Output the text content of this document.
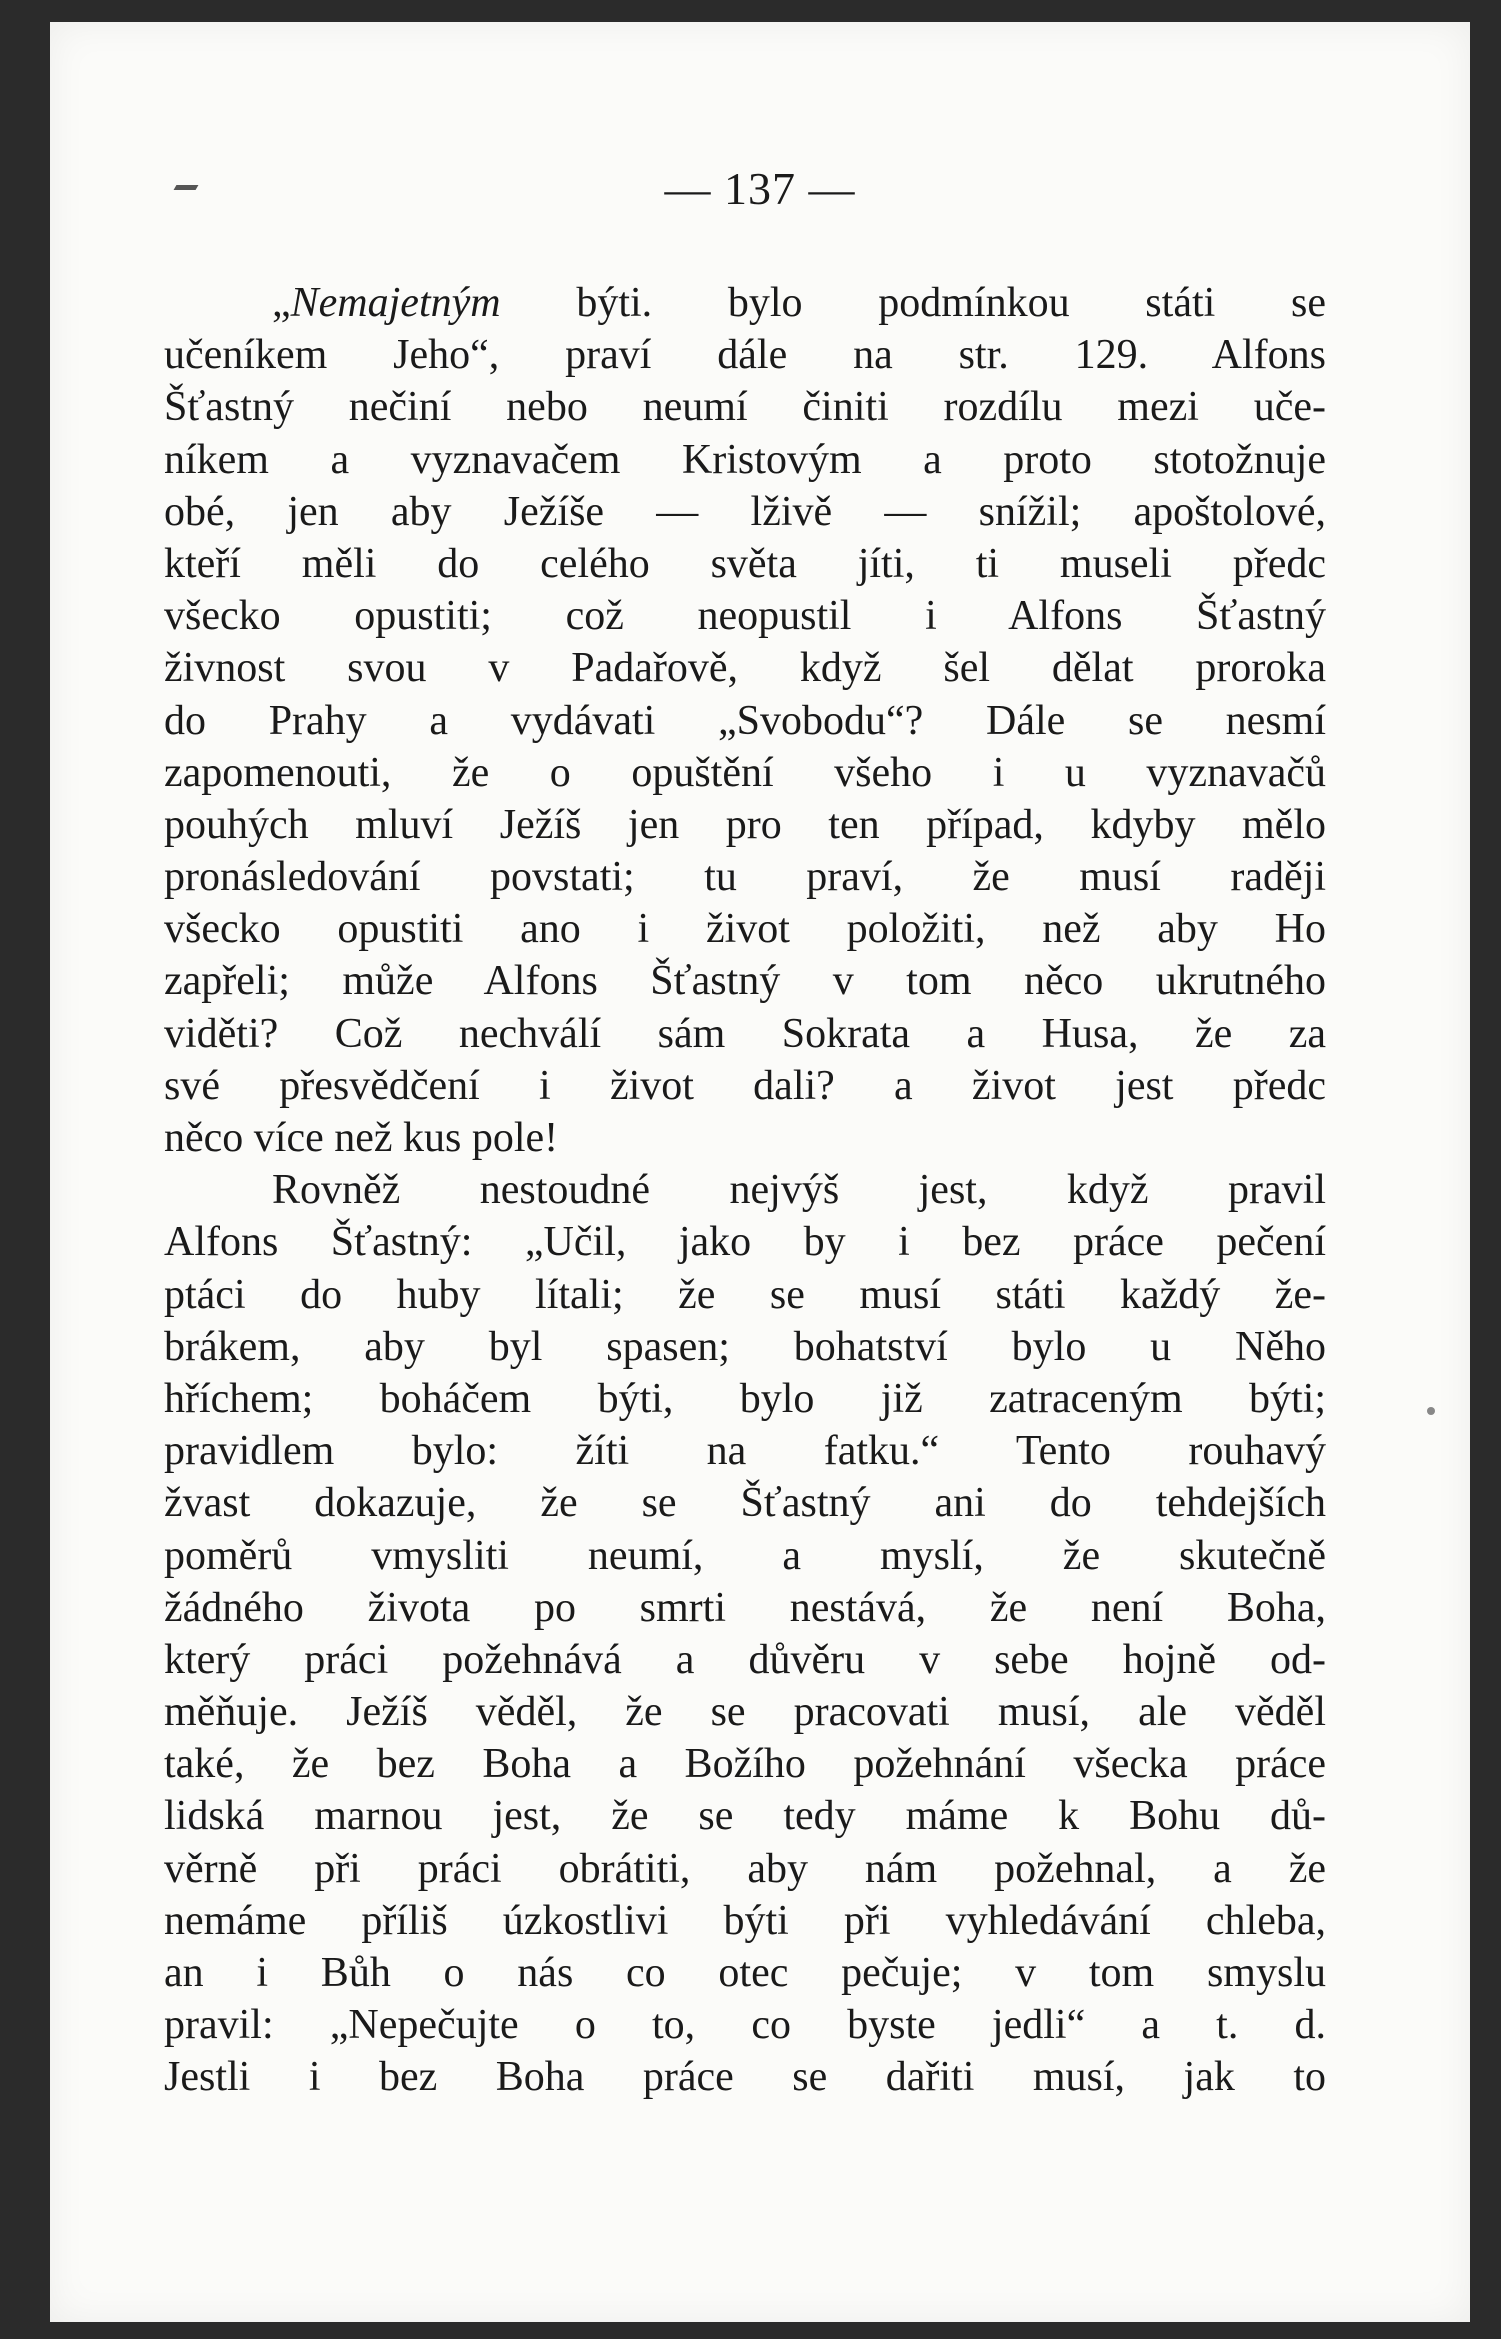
— 137 —
„Nemajetným býti. bylo podmínkou státi se
učeníkem Jeho“, praví dále na str. 129. Alfons
Šťastný nečiní nebo neumí činiti rozdílu mezi uče-
níkem a vyznavačem Kristovým a proto stotožnuje
obé, jen aby Ježíše — lživě — snížil; apoštolové,
kteří měli do celého světa jíti, ti museli předc
všecko opustiti; což neopustil i Alfons Šťastný
živnost svou v Padařově, když šel dělat proroka
do Prahy a vydávati „Svobodu“? Dále se nesmí
zapomenouti, že o opuštění všeho i u vyznavačů
pouhých mluví Ježíš jen pro ten případ, kdyby mělo
pronásledování povstati; tu praví, že musí raději
všecko opustiti ano i život položiti, než aby Ho
zapřeli; může Alfons Šťastný v tom něco ukrutného
viděti? Což nechválí sám Sokrata a Husa, že za
své přesvědčení i život dali? a život jest předc
něco více než kus pole!
Rovněž nestoudné nejvýš jest, když pravil
Alfons Šťastný: „Učil, jako by i bez práce pečení
ptáci do huby lítali; že se musí státi každý že-
brákem, aby byl spasen; bohatství bylo u Něho
hříchem; boháčem býti, bylo již zatraceným býti;
pravidlem bylo: žíti na fatku.“ Tento rouhavý
žvast dokazuje, že se Šťastný ani do tehdejších
poměrů vmysliti neumí, a myslí, že skutečně
žádného života po smrti nestává, že není Boha,
který práci požehnává a důvěru v sebe hojně od-
měňuje. Ježíš věděl, že se pracovati musí, ale věděl
také, že bez Boha a Božího požehnání všecka práce
lidská marnou jest, že se tedy máme k Bohu dů-
věrně při práci obrátiti, aby nám požehnal, a že
nemáme příliš úzkostlivi býti při vyhledávání chleba,
an i Bůh o nás co otec pečuje; v tom smyslu
pravil: „Nepečujte o to, co byste jedli“ a t. d.
Jestli i bez Boha práce se dařiti musí, jak to
